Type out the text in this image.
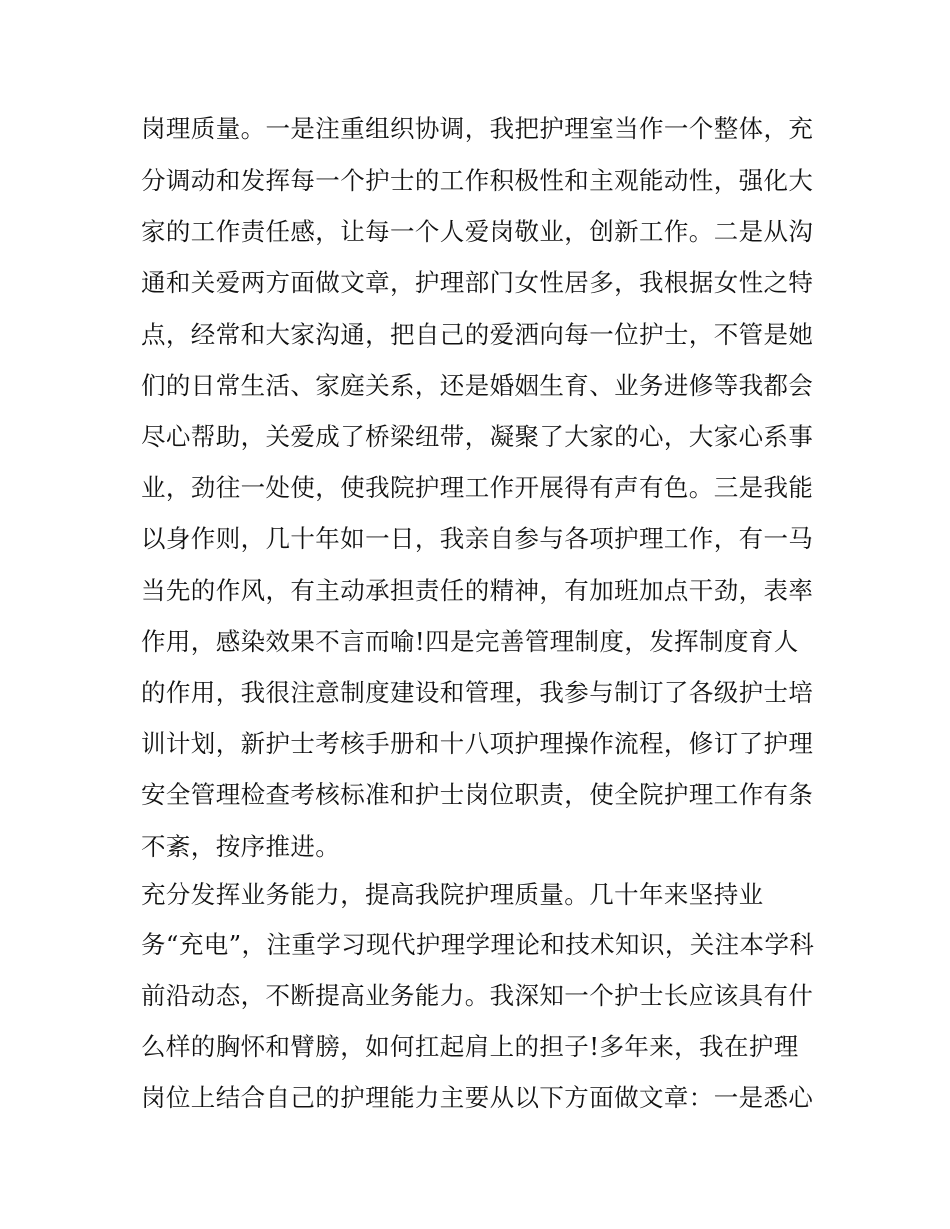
岗理质量。一是注重组织协调，我把护理室当作一个整体，充
分调动和发挥每一个护士的工作积极性和主观能动性，强化大
家的工作责任感，让每一个人爱岗敬业，创新工作。二是从沟
通和关爱两方面做文章，护理部门女性居多，我根据女性之特
点，经常和大家沟通，把自己的爱洒向每一位护士，不管是她
们的日常生活、家庭关系，还是婚姻生育、业务进修等我都会
尽心帮助，关爱成了桥梁纽带，凝聚了大家的心，大家心系事
业，劲往一处使，使我院护理工作开展得有声有色。三是我能
以身作则，几十年如一日，我亲自参与各项护理工作，有一马
当先的作风，有主动承担责任的精神，有加班加点干劲，表率
作用，感染效果不言而喻!四是完善管理制度，发挥制度育人
的作用，我很注意制度建设和管理，我参与制订了各级护士培
训计划，新护士考核手册和十八项护理操作流程，修订了护理
安全管理检查考核标准和护士岗位职责，使全院护理工作有条
不紊，按序推进。
充分发挥业务能力，提高我院护理质量。几十年来坚持业
务“充电”，注重学习现代护理学理论和技术知识，关注本学科
前沿动态，不断提高业务能力。我深知一个护士长应该具有什
么样的胸怀和臂膀，如何扛起肩上的担子!多年来，我在护理
岗位上结合自己的护理能力主要从以下方面做文章：一是悉心
